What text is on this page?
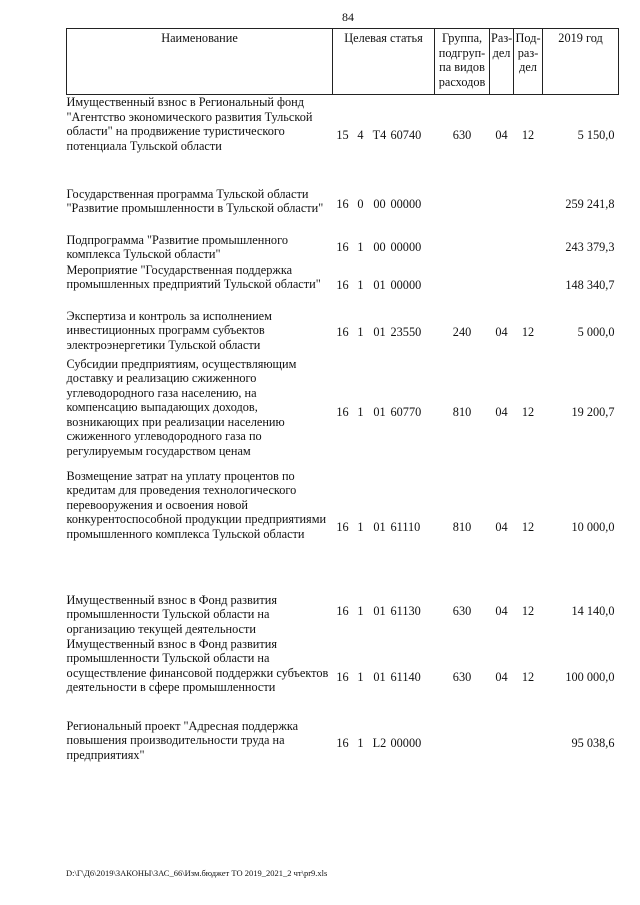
84
Наименование	Целевая статья				Группа, подгруп-па видов расходов	Раз-дел	Под-раз-дел	2019 год
Имущественный взнос в Региональный фонд "Агентство экономического развития Тульской области" на продвижение туристического потенциала Тульской области	15	4	Т4	60740	630	04	12	5 150,0
Государственная программа Тульской области "Развитие промышленности в Тульской области"	16	0	00	00000				259 241,8
Подпрограмма "Развитие промышленного комплекса Тульской области"	16	1	00	00000				243 379,3
Мероприятие "Государственная поддержка промышленных предприятий Тульской области"	16	1	01	00000				148 340,7
Экспертиза и контроль за исполнением инвестиционных программ субъектов электроэнергетики Тульской области	16	1	01	23550	240	04	12	5 000,0
Субсидии предприятиям, осуществляющим доставку и реализацию сжиженного углеводородного газа населению, на компенсацию выпадающих доходов, возникающих при реализации населению сжиженного углеводородного газа по регулируемым государством ценам	16	1	01	60770	810	04	12	19 200,7
Возмещение затрат на уплату процентов по кредитам для проведения технологического перевооружения и освоения новой конкурентоспособной продукции предприятиями промышленного комплекса Тульской области	16	1	01	61110	810	04	12	10 000,0
Имущественный взнос в Фонд развития промышленности Тульской области на организацию текущей деятельности	16	1	01	61130	630	04	12	14 140,0
Имущественный взнос в Фонд развития промышленности Тульской области на осуществление финансовой поддержки субъектов деятельности в сфере промышленности	16	1	01	61140	630	04	12	100 000,0
Региональный проект "Адресная поддержка повышения производительности труда на предприятиях"	16	1	L2	00000				95 038,6
D:\Г\Д6\2019\ЗАКОНЫ\ЗАС_66\Изм.бюджет ТО 2019_2021_2 чт\pr9.xls
